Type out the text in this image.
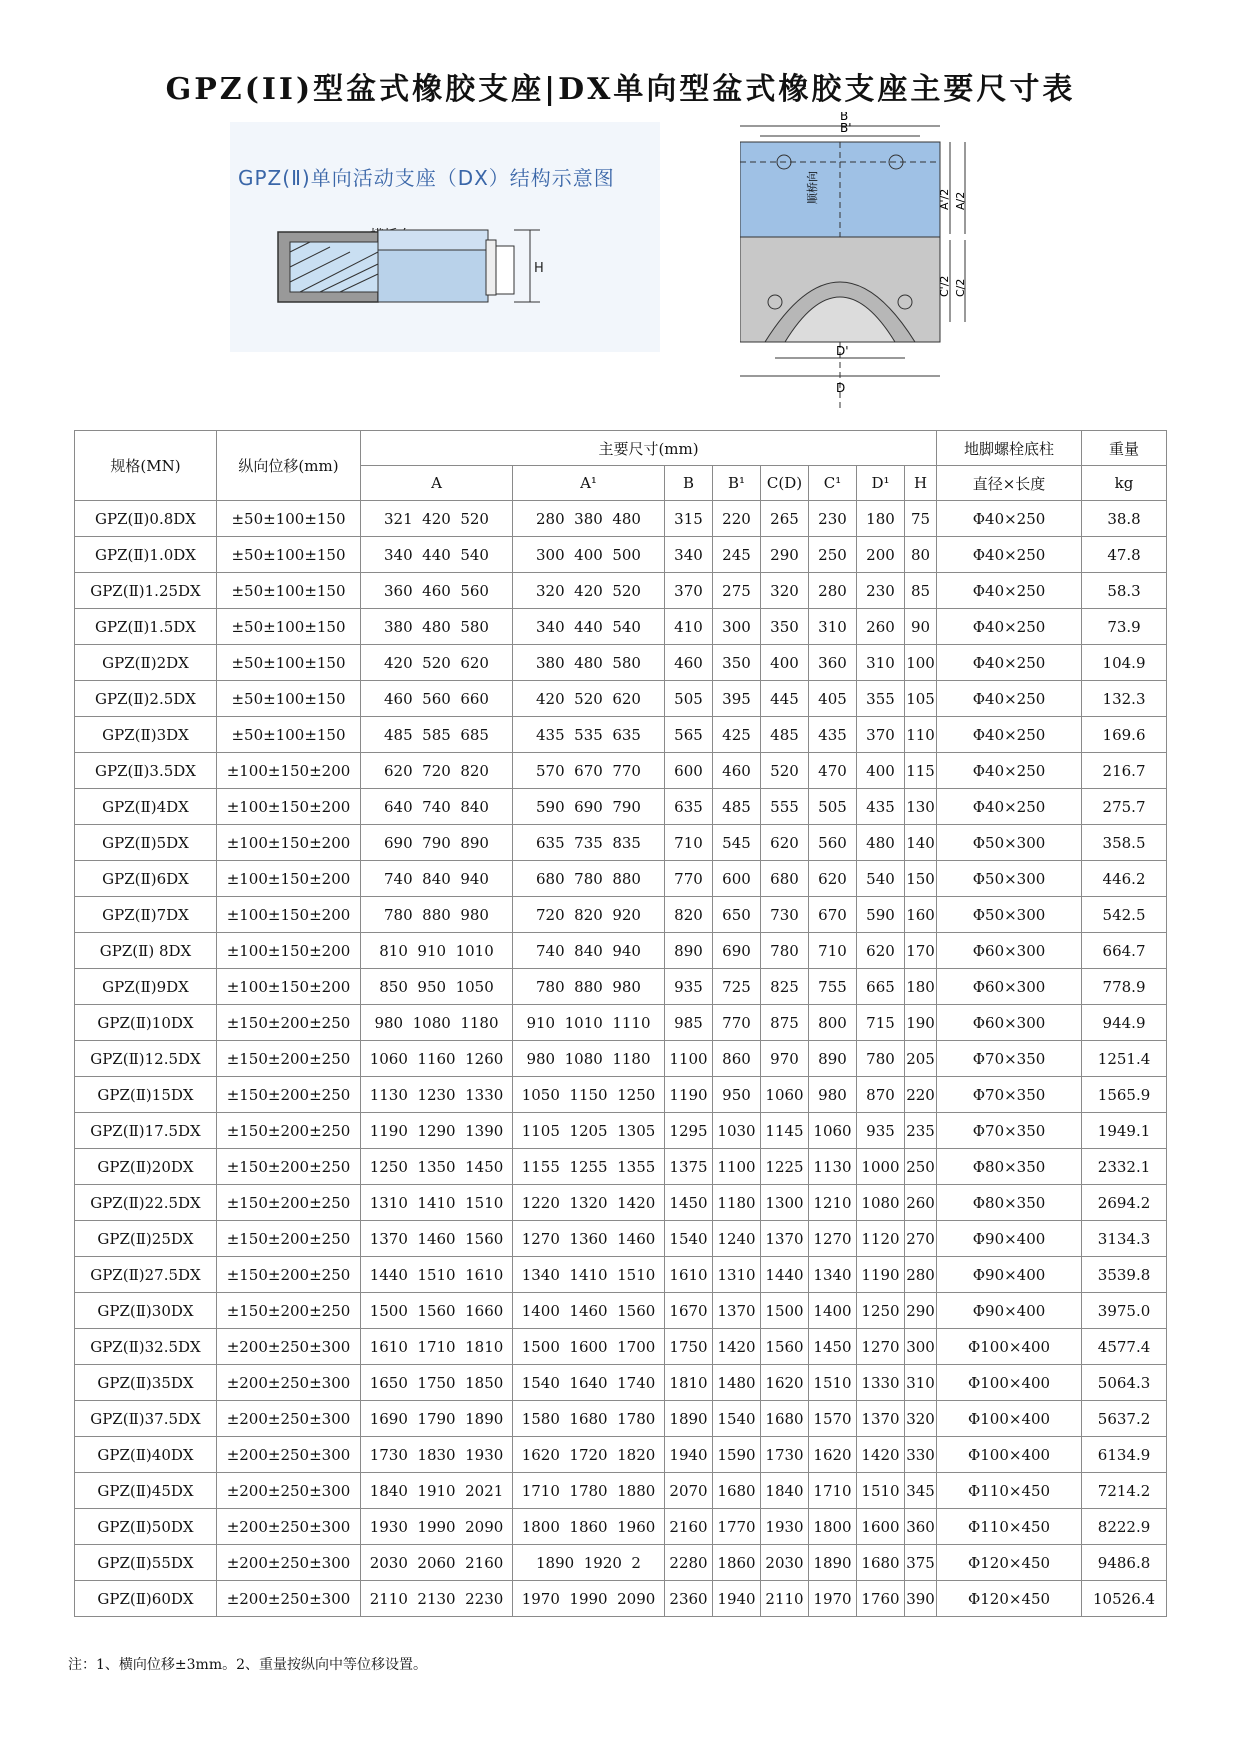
GPZ(II)型盆式橡胶支座|DX单向型盆式橡胶支座主要尺寸表
GPZ(Ⅱ)单向活动支座（DX）结构示意图
H
B
B'
顺桥向	A'/2 A/2
C'/2 C/2
D'
D
规格(MN)	纵向位移(mm)	主要尺寸(mm)								地脚螺栓底柱	重量
		A	A¹	B	B¹	C(D)	C¹	D¹	H	直径×长度	kg
GPZ(Ⅱ)0.8DX	±50±100±150	321  420  520	280  380  480	315	220	265	230	180	75	Φ40×250	38.8
GPZ(Ⅱ)1.0DX	±50±100±150	340  440  540	300  400  500	340	245	290	250	200	80	Φ40×250	47.8
GPZ(Ⅱ)1.25DX	±50±100±150	360  460  560	320  420  520	370	275	320	280	230	85	Φ40×250	58.3
GPZ(Ⅱ)1.5DX	±50±100±150	380  480  580	340  440  540	410	300	350	310	260	90	Φ40×250	73.9
GPZ(Ⅱ)2DX	±50±100±150	420  520  620	380  480  580	460	350	400	360	310	100	Φ40×250	104.9
GPZ(Ⅱ)2.5DX	±50±100±150	460  560  660	420  520  620	505	395	445	405	355	105	Φ40×250	132.3
GPZ(Ⅱ)3DX	±50±100±150	485  585  685	435  535  635	565	425	485	435	370	110	Φ40×250	169.6
GPZ(Ⅱ)3.5DX	±100±150±200	620  720  820	570  670  770	600	460	520	470	400	115	Φ40×250	216.7
GPZ(Ⅱ)4DX	±100±150±200	640  740  840	590  690  790	635	485	555	505	435	130	Φ40×250	275.7
GPZ(Ⅱ)5DX	±100±150±200	690  790  890	635  735  835	710	545	620	560	480	140	Φ50×300	358.5
GPZ(Ⅱ)6DX	±100±150±200	740  840  940	680  780  880	770	600	680	620	540	150	Φ50×300	446.2
GPZ(Ⅱ)7DX	±100±150±200	780  880  980	720  820  920	820	650	730	670	590	160	Φ50×300	542.5
GPZ(Ⅱ) 8DX	±100±150±200	810  910  1010	740  840  940	890	690	780	710	620	170	Φ60×300	664.7
GPZ(Ⅱ)9DX	±100±150±200	850  950  1050	780  880  980	935	725	825	755	665	180	Φ60×300	778.9
GPZ(Ⅱ)10DX	±150±200±250	980  1080  1180	910  1010  1110	985	770	875	800	715	190	Φ60×300	944.9
GPZ(Ⅱ)12.5DX	±150±200±250	1060  1160  1260	980  1080  1180	1100	860	970	890	780	205	Φ70×350	1251.4
GPZ(Ⅱ)15DX	±150±200±250	1130  1230  1330	1050  1150  1250	1190	950	1060	980	870	220	Φ70×350	1565.9
GPZ(Ⅱ)17.5DX	±150±200±250	1190  1290  1390	1105  1205  1305	1295	1030	1145	1060	935	235	Φ70×350	1949.1
GPZ(Ⅱ)20DX	±150±200±250	1250  1350  1450	1155  1255  1355	1375	1100	1225	1130	1000	250	Φ80×350	2332.1
GPZ(Ⅱ)22.5DX	±150±200±250	1310  1410  1510	1220  1320  1420	1450	1180	1300	1210	1080	260	Φ80×350	2694.2
GPZ(Ⅱ)25DX	±150±200±250	1370  1460  1560	1270  1360  1460	1540	1240	1370	1270	1120	270	Φ90×400	3134.3
GPZ(Ⅱ)27.5DX	±150±200±250	1440  1510  1610	1340  1410  1510	1610	1310	1440	1340	1190	280	Φ90×400	3539.8
GPZ(Ⅱ)30DX	±150±200±250	1500  1560  1660	1400  1460  1560	1670	1370	1500	1400	1250	290	Φ90×400	3975.0
GPZ(Ⅱ)32.5DX	±200±250±300	1610  1710  1810	1500  1600  1700	1750	1420	1560	1450	1270	300	Φ100×400	4577.4
GPZ(Ⅱ)35DX	±200±250±300	1650  1750  1850	1540  1640  1740	1810	1480	1620	1510	1330	310	Φ100×400	5064.3
GPZ(Ⅱ)37.5DX	±200±250±300	1690  1790  1890	1580  1680  1780	1890	1540	1680	1570	1370	320	Φ100×400	5637.2
GPZ(Ⅱ)40DX	±200±250±300	1730  1830  1930	1620  1720  1820	1940	1590	1730	1620	1420	330	Φ100×400	6134.9
GPZ(Ⅱ)45DX	±200±250±300	1840  1910  2021	1710  1780  1880	2070	1680	1840	1710	1510	345	Φ110×450	7214.2
GPZ(Ⅱ)50DX	±200±250±300	1930  1990  2090	1800  1860  1960	2160	1770	1930	1800	1600	360	Φ110×450	8222.9
GPZ(Ⅱ)55DX	±200±250±300	2030  2060  2160	1890  1920  2	2280	1860	2030	1890	1680	375	Φ120×450	9486.8
GPZ(Ⅱ)60DX	±200±250±300	2110  2130  2230	1970  1990  2090	2360	1940	2110	1970	1760	390	Φ120×450	10526.4
注：1、横向位移±3mm。2、重量按纵向中等位移设置。
